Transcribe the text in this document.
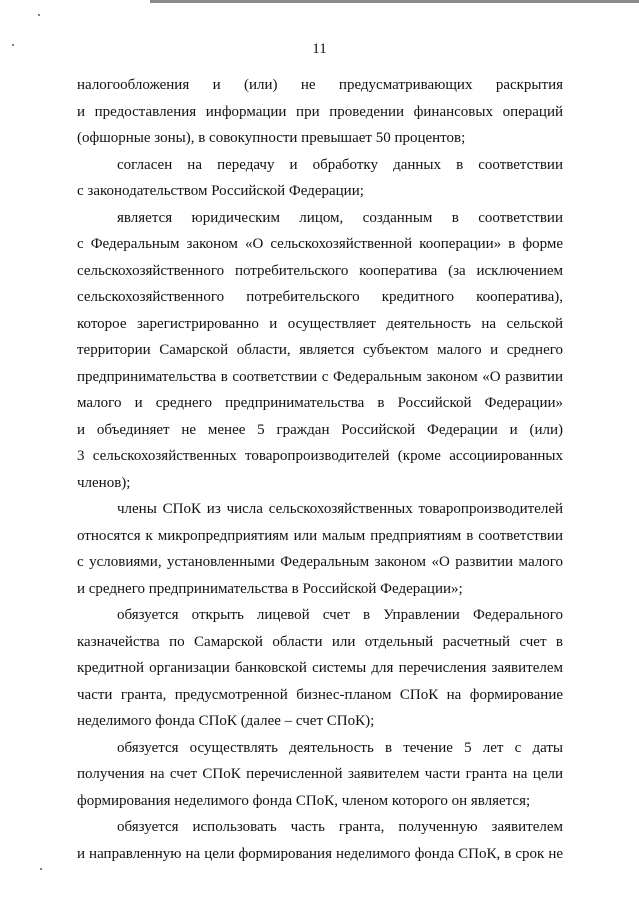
11
налогообложения и (или) не предусматривающих раскрытия
и предоставления информации при проведении финансовых операций
(офшорные зоны), в совокупности превышает 50 процентов;
согласен на передачу и обработку данных в соответствии
с законодательством Российской Федерации;
является юридическим лицом, созданным в соответствии
с Федеральным законом «О сельскохозяйственной кооперации» в форме
сельскохозяйственного потребительского кооператива (за исключением
сельскохозяйственного потребительского кредитного кооператива),
которое зарегистрированно и осуществляет деятельность на сельской
территории Самарской области, является субъектом малого и среднего
предпринимательства в соответствии с Федеральным законом «О развитии
малого и среднего предпринимательства в Российской Федерации»
и объединяет не менее 5 граждан Российской Федерации и (или)
3 сельскохозяйственных товаропроизводителей (кроме ассоциированных
членов);
члены СПоК из числа сельскохозяйственных товаропроизводителей
относятся к микропредприятиям или малым предприятиям в соответствии
с условиями, установленными Федеральным законом «О развитии малого
и среднего предпринимательства в Российской Федерации»;
обязуется открыть лицевой счет в Управлении Федерального
казначейства по Самарской области или отдельный расчетный счет в
кредитной организации банковской системы для перечисления заявителем
части гранта, предусмотренной бизнес-планом СПоК на формирование
неделимого фонда СПоК (далее – счет СПоК);
обязуется осуществлять деятельность в течение 5 лет с даты
получения на счет СПоК перечисленной заявителем части гранта на цели
формирования неделимого фонда СПоК, членом которого он является;
обязуется использовать часть гранта, полученную заявителем
и направленную на цели формирования неделимого фонда СПоК, в срок не
